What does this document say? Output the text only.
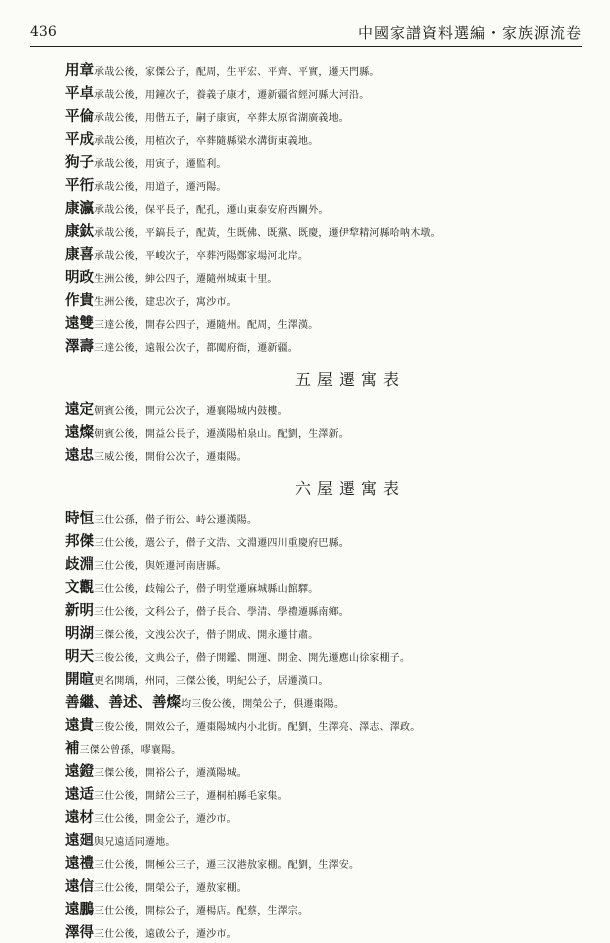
436	中國家譜資料選編・家族源流卷
用章承哉公後，家傑公子，配周，生平宏、平齊、平實，遷天門縣。
平卓承哉公後，用鐘次子，養義子康才，遷新疆省經河縣大河沿。
平倫承哉公後，用偕五子，嗣子康寅，卒葬太原省湖廣義地。
平成承哉公後，用植次子，卒葬隨縣梁水溝街東義地。
狗子承哉公後，用寅子，遷監利。
平衎承哉公後，用道子，遷沔陽。
康瀛承哉公後，保平長子，配孔，遷山東泰安府西關外。
康鈦承哉公後，平鎬長子，配黃，生既佛、既黨、既慶，遷伊犂精河縣哈呐木墩。
康喜承哉公後，平峻次子，卒葬沔陽鄭家場河北岸。
明政生洲公後，紳公四子，遷隨州城東十里。
作貴生洲公後，建忠次子，寓沙市。
遠雙三達公後，開春公四子，遷隨州。配周，生澤漢。
澤壽三達公後，遠報公次子，都闖府衙，遷新疆。
五屋遷寓表
遠定朝賓公後，開元公次子，遷襄陽城内鼓樓。
遠燦朝賓公後，開益公長子，遷漢陽柏泉山。配劉，生澤新。
遠忠三威公後，開佾公次子，遷棗陽。
六屋遷寓表
時恒三仕公孫，僣子衎公、峙公遷漢陽。
邦傑三仕公後，選公子，僣子文浩、文淵遷四川重慶府巴縣。
歧淵三仕公後，與姪遷河南唐縣。
文觀三仕公後，歧翰公子，僣子明堂遷麻城縣山館驛。
新明三仕公後，文科公子，僣子長合、學清、學禮遷縣南鄉。
明湖三傑公後，文洩公次子，僣子開成、開永遷甘肅。
明天三俊公後，文典公子，僣子開鑑、開運、開金、開先遷應山徐家棚子。
開暄更名開瑀，州同，三傑公後，明紀公子，居遷漢口。
善繼、善述、善燦均三俊公後，開榮公子，俱遷棗陽。
遠貴三俊公後，開效公子，遷棗陽城内小北街。配劉，生澤亮、澤志、澤政。
補三傑公曾孫，嘐襄陽。
遠鐙三傑公後，開裕公子，遷漢陽城。
遠适三仕公後，開緒公三子，遷桐柏縣毛家集。
遠材三仕公後，開金公子，遷沙市。
遠廻與兄遠适同遷地。
遠禮三仕公後，開極公三子，遷三汉港敖家棚。配劉，生澤安。
遠信三仕公後，開榮公子，遷敖家棚。
遠鵬三仕公後，開棕公子，遷楊店。配蔡，生澤宗。
澤得三仕公後，遠啟公子，遷沙市。
